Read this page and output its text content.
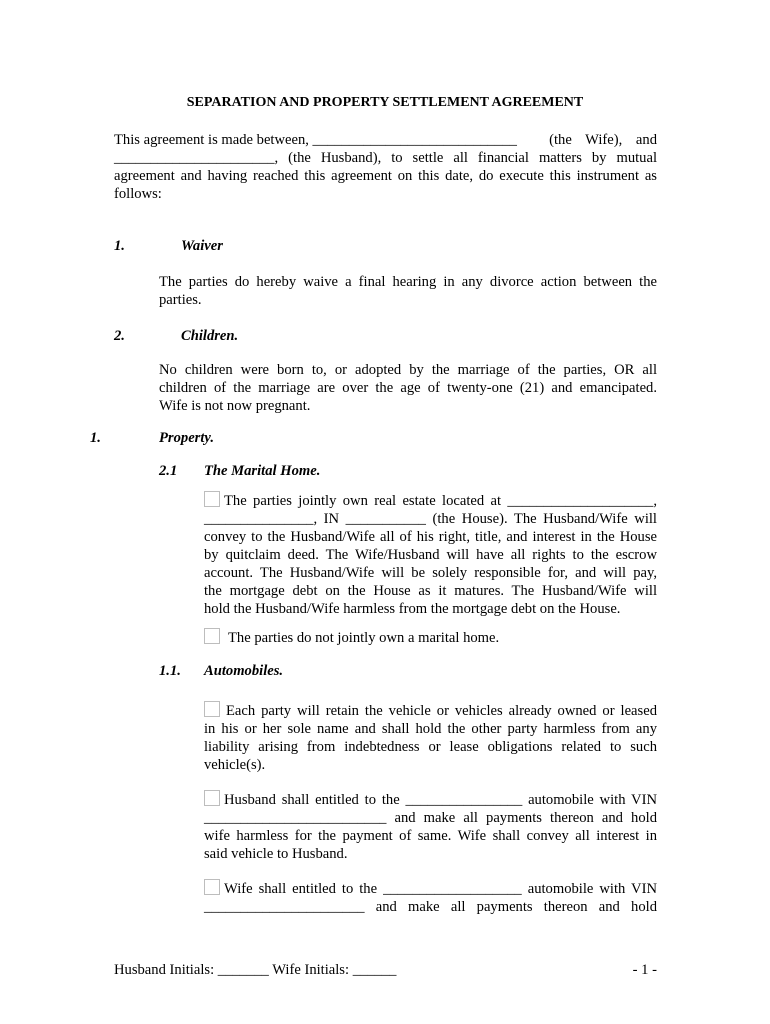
SEPARATION AND PROPERTY SETTLEMENT AGREEMENT
This agreement is made between, ____________________________ (the Wife), and
______________________, (the Husband), to settle all financial matters by mutual
agreement and having reached this agreement on this date, do execute this instrument as
follows:
1.	Waiver
The parties do hereby waive a final hearing in any divorce action between the
parties.
2.	Children.
No children were born to, or adopted by the marriage of the parties, OR all
children of the marriage are over the age of twenty-one (21) and emancipated.
Wife is not now pregnant.
1.	Property.
2.1 The Marital Home.
The parties jointly own real estate located at ____________________,
_______________, IN ___________ (the House). The Husband/Wife will
convey to the Husband/Wife all of his right, title, and interest in the House
by quitclaim deed. The Wife/Husband will have all rights to the escrow
account. The Husband/Wife will be solely responsible for, and will pay,
the mortgage debt on the House as it matures. The Husband/Wife will
hold the Husband/Wife harmless from the mortgage debt on the House.
The parties do not jointly own a marital home.
1.1. Automobiles.
Each party will retain the vehicle or vehicles already owned or leased
in his or her sole name and shall hold the other party harmless from any
liability arising from indebtedness or lease obligations related to such
vehicle(s).
Husband shall entitled to the ________________ automobile with VIN
_________________________ and make all payments thereon and hold
wife harmless for the payment of same. Wife shall convey all interest in
said vehicle to Husband.
Wife shall entitled to the ___________________ automobile with VIN
______________________ and make all payments thereon and hold
Husband Initials: _______ Wife Initials: ______	- 1 -
